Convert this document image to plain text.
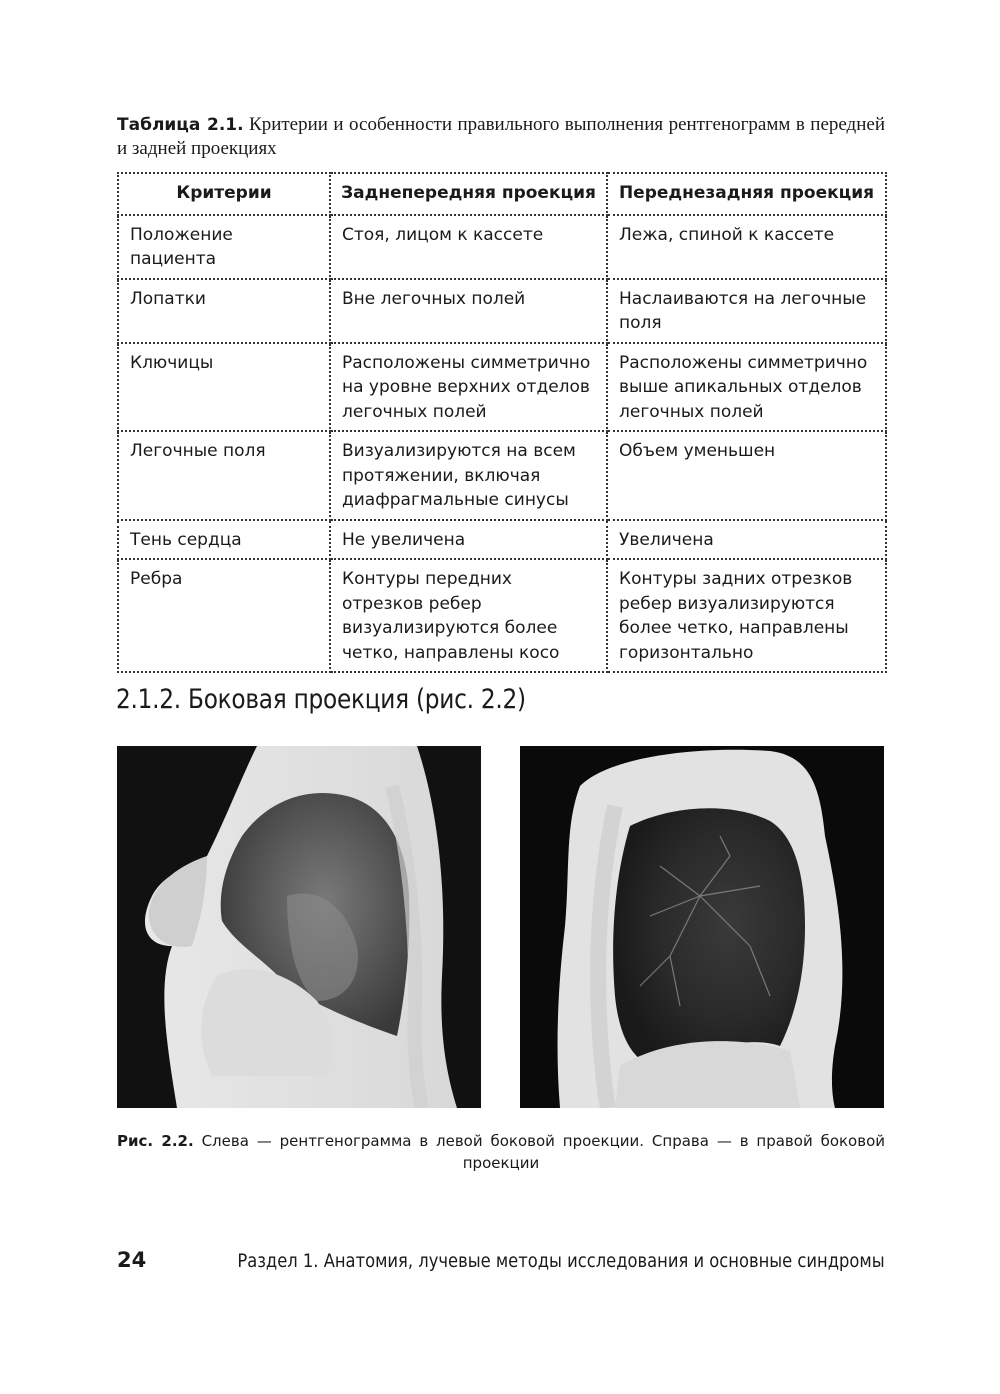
Таблица 2.1. Критерии и особенности правильного выполнения рентгенограмм в передней и задней проекциях
Критерии	Заднепередняя проекция	Переднезадняя проекция
Положение пациента	Стоя, лицом к кассете	Лежа, спиной к кассете
Лопатки	Вне легочных полей	Наслаиваются на легочные поля
Ключицы	Расположены симметрично на уровне верхних отделов легочных полей	Расположены симметрично выше апикальных отделов легочных полей
Легочные поля	Визуализируются на всем протяжении, включая диафрагмальные синусы	Объем уменьшен
Тень сердца	Не увеличена	Увеличена
Ребра	Контуры передних отрезков ребер визуализируются более четко, направлены косо	Контуры задних отрезков ребер визуализируются более четко, направлены горизонтально
2.1.2. Боковая проекция (рис. 2.2)
Рис. 2.2. Слева — рентгенограмма в левой боковой проекции. Справа — в правой боковой проекции
24	Раздел 1. Анатомия, лучевые методы исследования и основные синдромы
